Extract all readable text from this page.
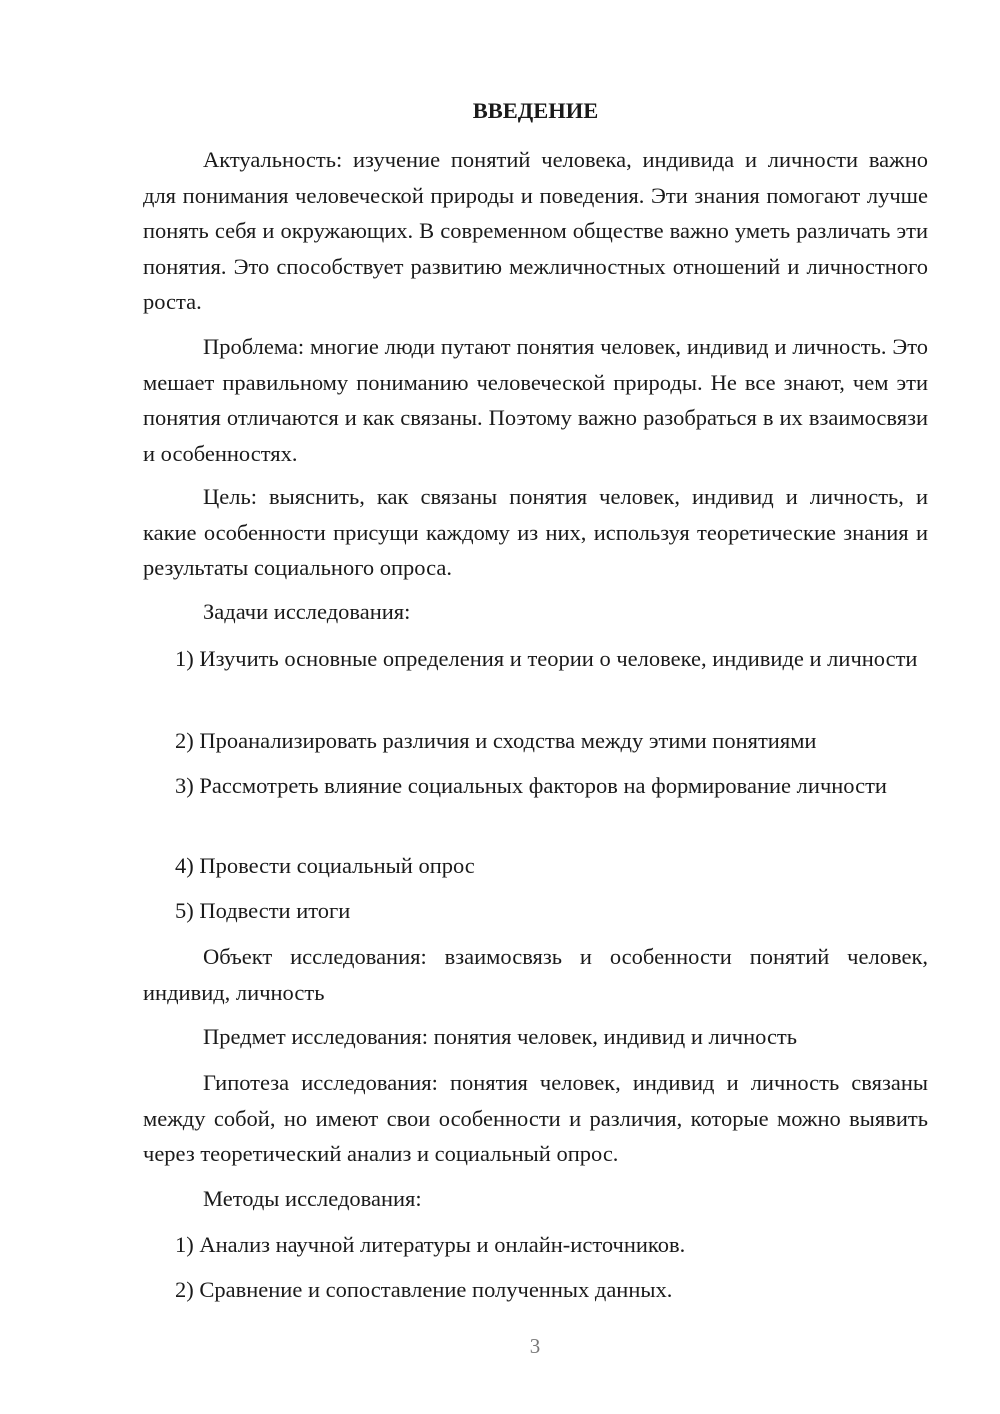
ВВЕДЕНИЕ

Актуальность: изучение понятий человека, индивида и личности важно для понимания человеческой природы и поведения. Эти знания помогают лучше понять себя и окружающих. В современном обществе важно уметь различать эти понятия. Это способствует развитию межличностных отношений и личностного роста.

Проблема: многие люди путают понятия человек, индивид и личность. Это мешает правильному пониманию человеческой природы. Не все знают, чем эти понятия отличаются и как связаны. Поэтому важно разобраться в их взаимосвязи и особенностях.

Цель: выяснить, как связаны понятия человек, индивид и личность, и какие особенности присущи каждому из них, используя теоретические знания и результаты социального опроса.

Задачи исследования:

1) Изучить основные определения и теории о человеке, индивиде и личности

2) Проанализировать различия и сходства между этими понятиями

3) Рассмотреть влияние социальных факторов на формирование личности

4) Провести социальный опрос

5) Подвести итоги

Объект исследования: взаимосвязь и особенности понятий человек, индивид, личность

Предмет исследования: понятия человек, индивид и личность

Гипотеза исследования: понятия человек, индивид и личность связаны между собой, но имеют свои особенности и различия, которые можно выявить через теоретический анализ и социальный опрос.

Методы исследования:

1) Анализ научной литературы и онлайн-источников.

2) Сравнение и сопоставление полученных данных.

3
